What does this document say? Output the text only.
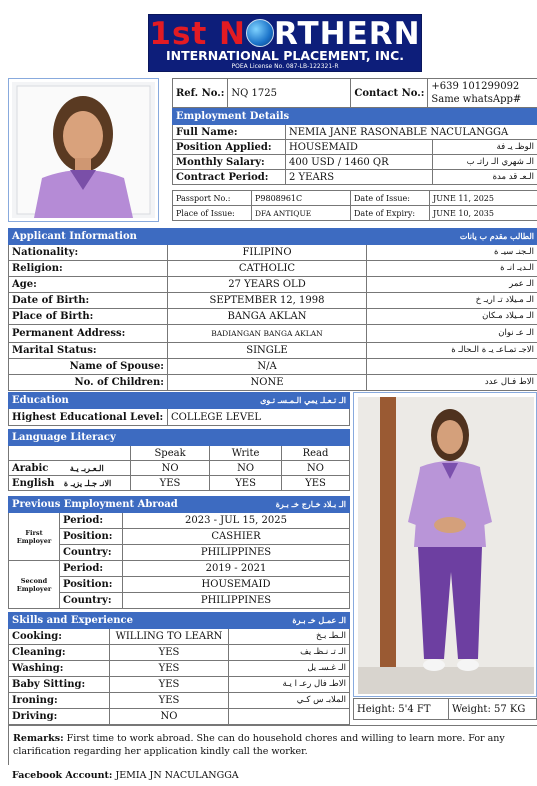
1st N RTHERN
INTERNATIONAL PLACEMENT, INC.
POEA License No. 087-LB-122321-R
Ref. No.:	NQ 1725	Contact No.:	
+639 101299092
Same whatsApp#
Employment Details		
Full Name:	NEMIA JANE RASONABLE NACULANGGA	
Position Applied:	HOUSEMAID	الوظـ يـ فة
Monthly Salary:	400 USD / 1460 QR	الـ شهري الـ راتـ ب
Contract Period:	2 YEARS	الـعـ قد مدة
Passport No.:	P9808961C	Date of Issue:	JUNE 11, 2025
Place of Issue:	DFA ANTIQUE	Date of Expiry:	JUNE 10, 2035
Applicant Information الطالب مقدم ب يانات		

Nationality:	FILIPINO	الـجنـ سيـ ة
Religion:	CATHOLIC	الـديـ انـ ة
Age:	27 YEARS OLD	الـ عمر
Date of Birth:	SEPTEMBER 12, 1998	الـ مـيلاد تـ اريـ خ
Place of Birth:	BANGA AKLAN	الـ مـيلاد مـكان
Permanent Address:	BADIANGAN BANGA AKLAN	الـ عـ نوان
Marital Status:	SINGLE	الاجـ تمـاعـ يـ ة الـحالـ ة
Name of Spouse:	N/A	
No. of Children:	NONE	الاط فـال عدد
Education	الـ تـعـلـ يمي الـمـسـ تـوى

Highest Educational Level:	COLLEGE LEVEL
Language Literacy			
	Speak	Write	Read
Arabic الـعـربـ يـة	NO	NO	NO
English الانـ جـلـ يزيـ ة	YES	YES	YES
Previous Employment Abroad الـ بـلاد خـارج خـ بـرة		

First
Employer	Period:	2023 - JUL 15, 2025
	Position:	CASHIER
	Country:	PHILIPPINES

Second
Employer	Period:	2019 - 2021
	Position:	HOUSEMAID
	Country:	PHILIPPINES
Skills and Experience الـ عمـل خـ بـرة		

Cooking:	WILLING TO LEARN	الـطـ بـخ
Cleaning:	YES	الـ تـ نـظـ يف
Washing:	YES	الـ غـسـ يل
Baby Sitting:	YES	الاطـ فال رعـ ا يـة
Ironing:	YES	الملابـ س كـي
Driving:	NO	
Height: 5'4 FT	Weight: 57 KG
Remarks: First time to work abroad. She can do household chores and willing to learn more. For any clarification regarding her application kindly call the worker.
Facebook Account: JEMIA JN NACULANGGA
